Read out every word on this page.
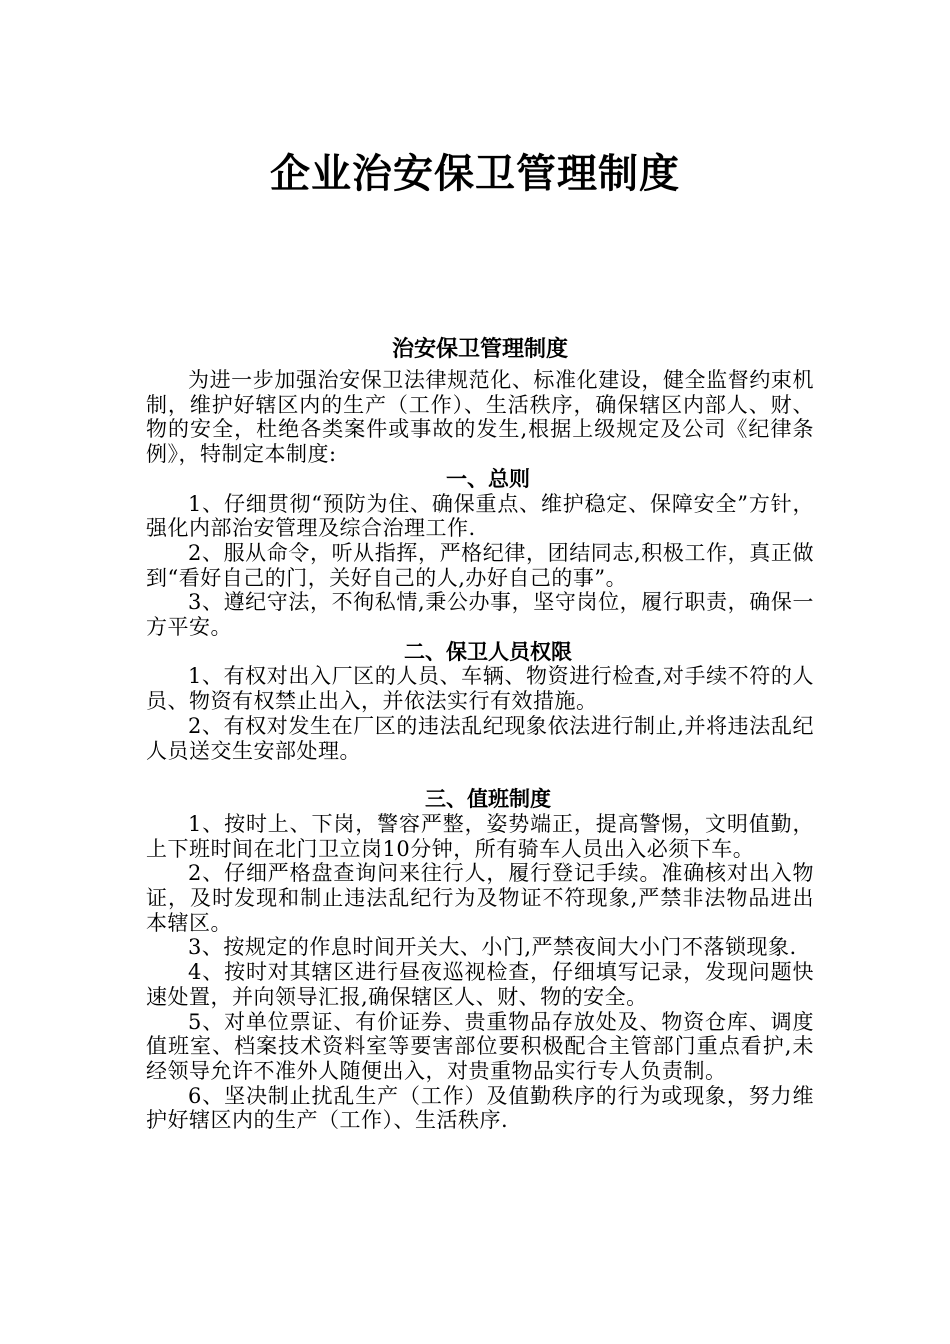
企业治安保卫管理制度
治安保卫管理制度

为进一步加强治安保卫法律规范化、标准化建设，健全监督约束机制，维护好辖区内的生产（工作）、生活秩序，确保辖区内部人、财、物的安全，杜绝各类案件或事故的发生,根据上级规定及公司《纪律条例》，特制定本制度:

一、总则

1、仔细贯彻“预防为住、确保重点、维护稳定、保障安全”方针，强化内部治安管理及综合治理工作.

2、服从命令，听从指挥，严格纪律，团结同志,积极工作，真正做到“看好自己的门，关好自己的人,办好自己的事”。

3、遵纪守法，不徇私情,秉公办事，坚守岗位，履行职责，确保一方平安。

二、保卫人员权限

1、有权对出入厂区的人员、车辆、物资进行检查,对手续不符的人员、物资有权禁止出入，并依法实行有效措施。

2、有权对发生在厂区的违法乱纪现象依法进行制止,并将违法乱纪人员送交生安部处理。

三、值班制度

1、按时上、下岗，警容严整，姿势端正，提高警惕，文明值勤，上下班时间在北门卫立岗10分钟，所有骑车人员出入必须下车。

2、仔细严格盘查询问来往行人，履行登记手续。准确核对出入物证，及时发现和制止违法乱纪行为及物证不符现象,严禁非法物品进出本辖区。

3、按规定的作息时间开关大、小门,严禁夜间大小门不落锁现象.

4、按时对其辖区进行昼夜巡视检查，仔细填写记录，发现问题快速处置，并向领导汇报,确保辖区人、财、物的安全。

5、对单位票证、有价证券、贵重物品存放处及、物资仓库、调度值班室、档案技术资料室等要害部位要积极配合主管部门重点看护,未经领导允许不准外人随便出入，对贵重物品实行专人负责制。

6、坚决制止扰乱生产（工作）及值勤秩序的行为或现象，努力维护好辖区内的生产（工作）、生活秩序.
